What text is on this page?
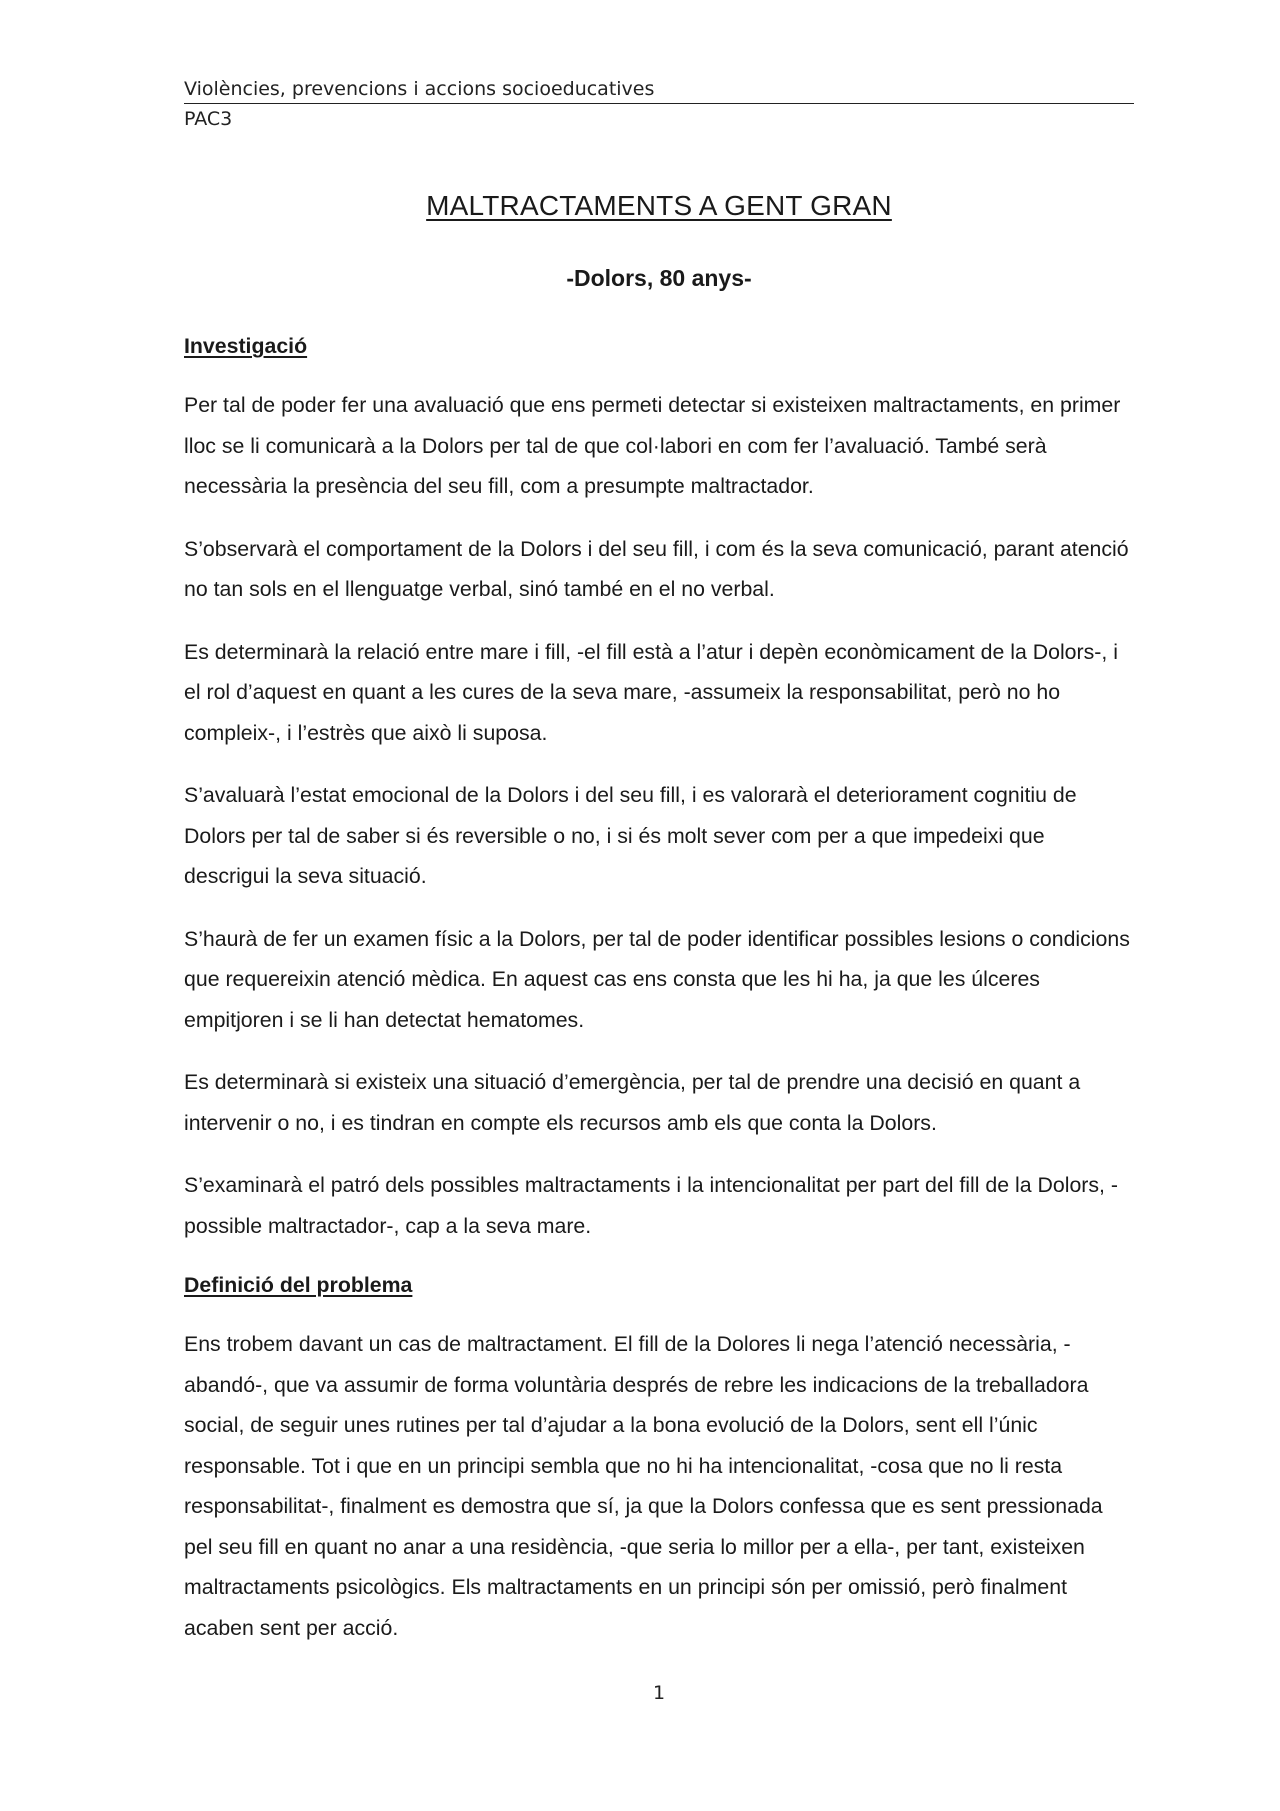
Violències, prevencions i accions socioeducatives
PAC3
MALTRACTAMENTS A GENT GRAN
-Dolors, 80 anys-
Investigació

Per tal de poder fer una avaluació que ens permeti detectar si existeixen maltractaments, en primer lloc se li comunicarà a la Dolors per tal de que col·labori en com fer l’avaluació. També serà necessària la presència del seu fill, com a presumpte maltractador.

S’observarà el comportament de la Dolors i del seu fill, i com és la seva comunicació, parant atenció no tan sols en el llenguatge verbal, sinó també en el no verbal.

Es determinarà la relació entre mare i fill, -el fill està a l’atur i depèn econòmicament de la Dolors-, i el rol d’aquest en quant a les cures de la seva mare, -assumeix la responsabilitat, però no ho compleix-, i l’estrès que això li suposa.

S’avaluarà l’estat emocional de la Dolors i del seu fill, i es valorarà el deteriorament cognitiu de Dolors per tal de saber si és reversible o no, i si és molt sever com per a que impedeixi que descrigui la seva situació.

S’haurà de fer un examen físic a la Dolors, per tal de poder identificar possibles lesions o condicions que requereixin atenció mèdica. En aquest cas ens consta que les hi ha, ja que les úlceres empitjoren i se li han detectat hematomes.

Es determinarà si existeix una situació d’emergència, per tal de prendre una decisió en quant a intervenir o no, i es tindran en compte els recursos amb els que conta la Dolors.

S’examinarà el patró dels possibles maltractaments i la intencionalitat per part del fill de la Dolors, -possible maltractador-, cap a la seva mare.

Definició del problema

Ens trobem davant un cas de maltractament. El fill de la Dolores li nega l’atenció necessària, -abandó-, que va assumir de forma voluntària després de rebre les indicacions de la treballadora social, de seguir unes rutines per tal d’ajudar a la bona evolució de la Dolors, sent ell l’únic responsable. Tot i que en un principi sembla que no hi ha intencionalitat, -cosa que no li resta responsabilitat-, finalment es demostra que sí, ja que la Dolors confessa que es sent pressionada pel seu fill en quant no anar a una residència, -que seria lo millor per a ella-, per tant, existeixen maltractaments psicològics. Els maltractaments en un principi són per omissió, però finalment acaben sent per acció.

1
